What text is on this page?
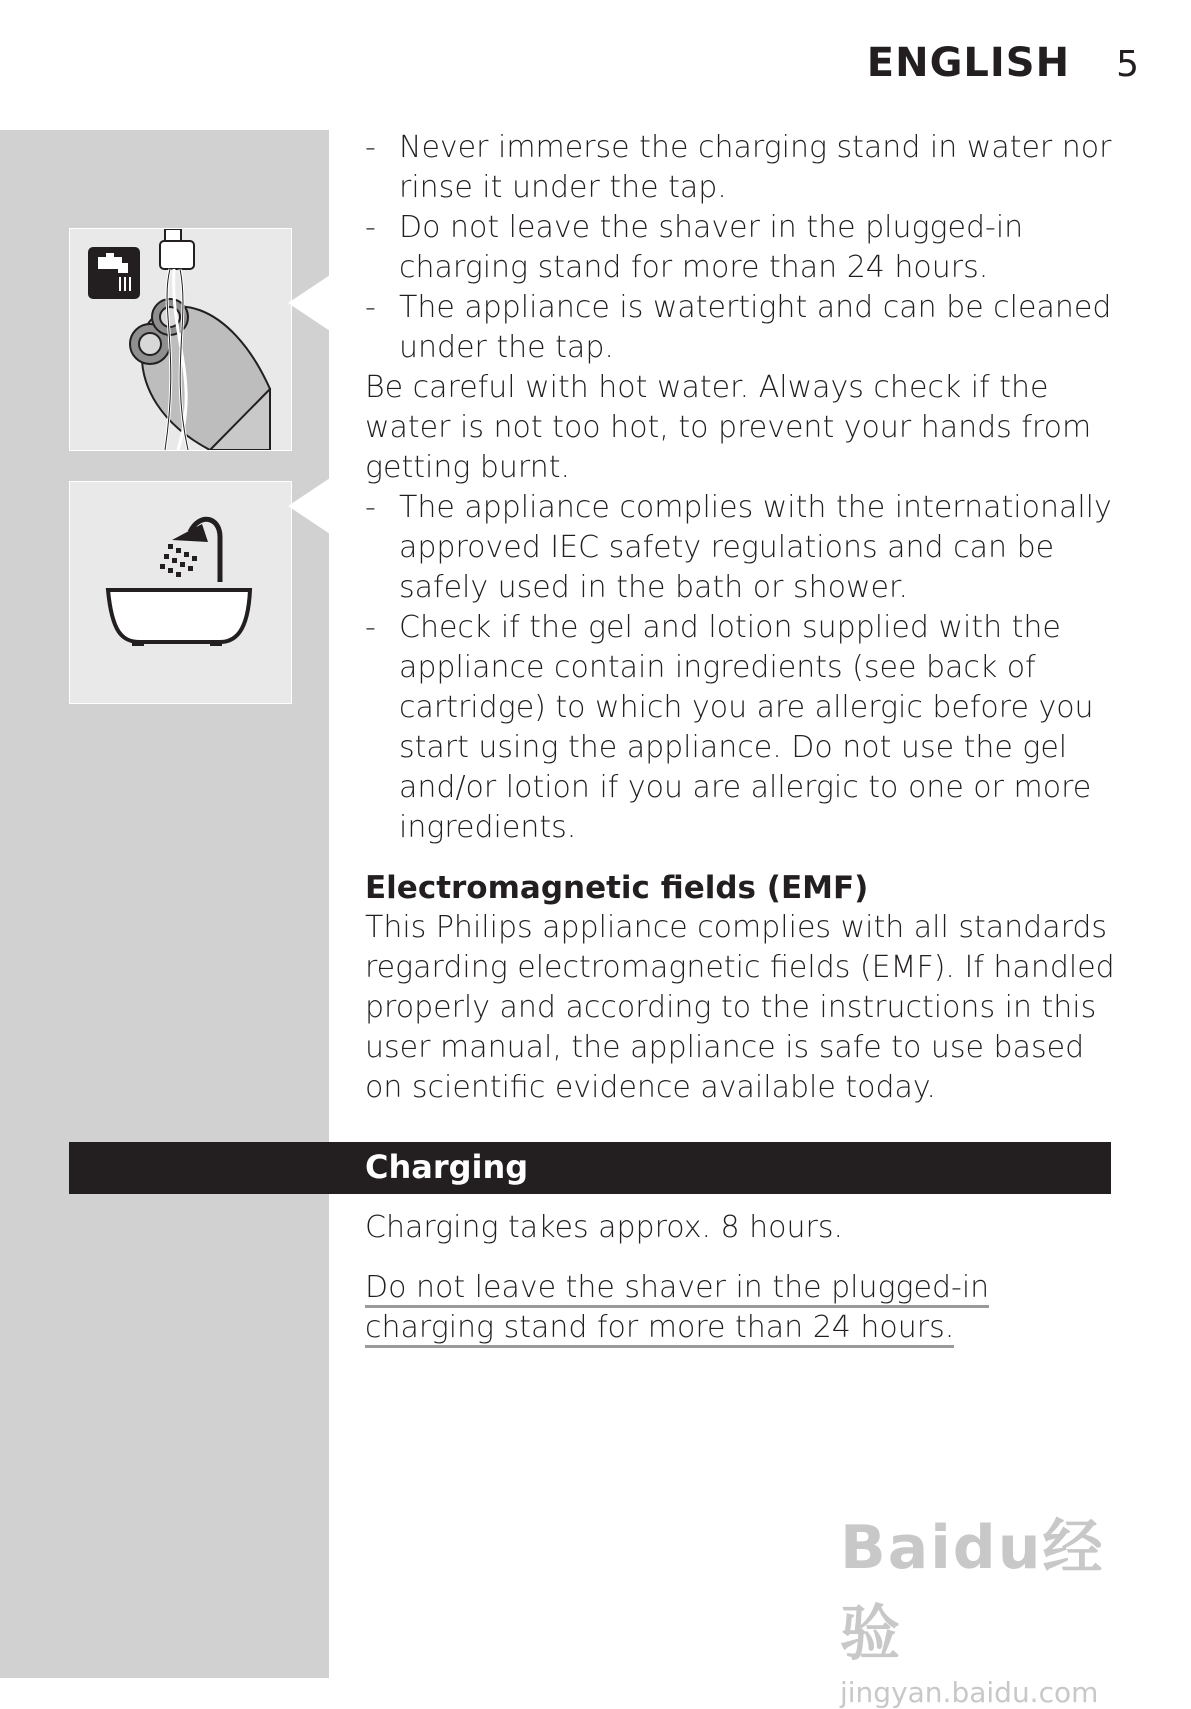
ENGLISH 5
- Never immerse the charging stand in water nor rinse it under the tap.
- Do not leave the shaver in the plugged-in charging stand for more than 24 hours.
- The appliance is watertight and can be cleaned under the tap.

Be careful with hot water. Always check if the water is not too hot, to prevent your hands from getting burnt.

- The appliance complies with the internationally approved IEC safety regulations and can be safely used in the bath or shower.
- Check if the gel and lotion supplied with the appliance contain ingredients (see back of cartridge) to which you are allergic before you start using the appliance. Do not use the gel and/or lotion if you are allergic to one or more ingredients.
Electromagnetic fields (EMF)

This Philips appliance complies with all standards regarding electromagnetic fields (EMF). If handled properly and according to the instructions in this user manual, the appliance is safe to use based on scientific evidence available today.

Charging

Charging takes approx. 8 hours.

Do not leave the shaver in the plugged-in charging stand for more than 24 hours.

Baidu经验
jingyan.baidu.com
